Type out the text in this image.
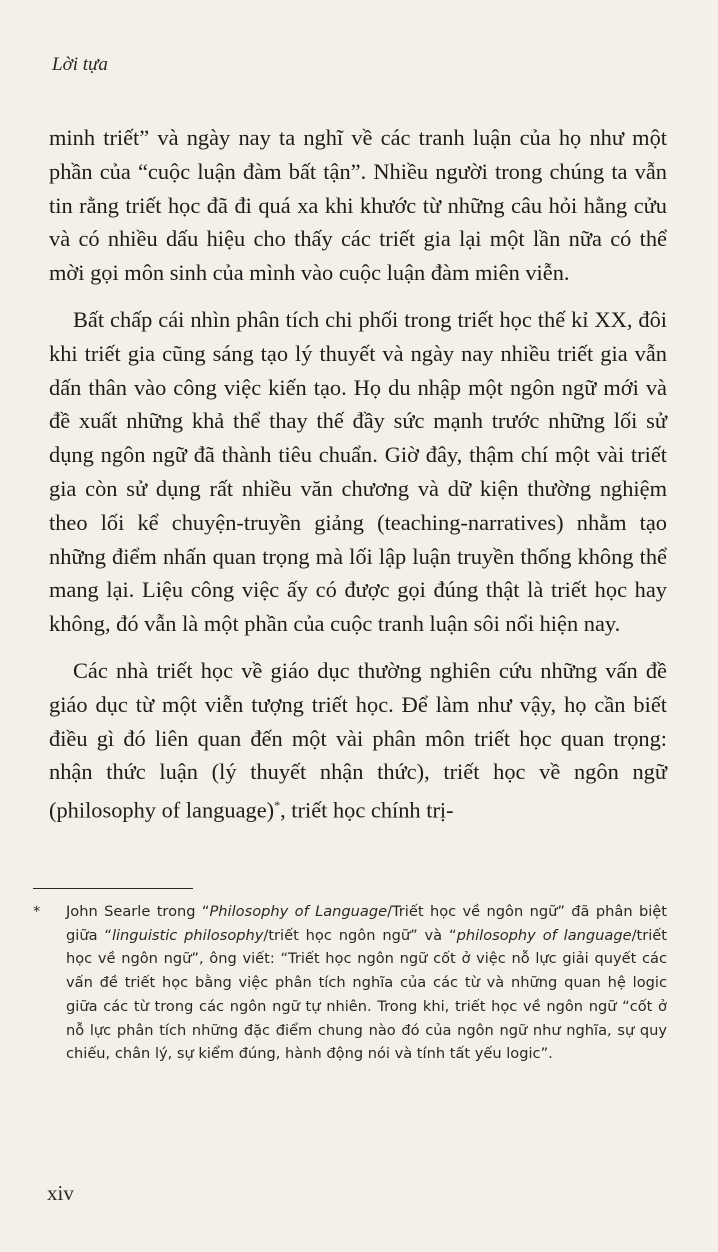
Lời tựa

minh triết” và ngày nay ta nghĩ về các tranh luận của họ như một phần của “cuộc luận đàm bất tận”. Nhiều người trong chúng ta vẫn tin rằng triết học đã đi quá xa khi khước từ những câu hỏi hằng cửu và có nhiều dấu hiệu cho thấy các triết gia lại một lần nữa có thể mời gọi môn sinh của mình vào cuộc luận đàm miên viễn.

Bất chấp cái nhìn phân tích chi phối trong triết học thế kỉ XX, đôi khi triết gia cũng sáng tạo lý thuyết và ngày nay nhiều triết gia vẫn dấn thân vào công việc kiến tạo. Họ du nhập một ngôn ngữ mới và đề xuất những khả thể thay thế đầy sức mạnh trước những lối sử dụng ngôn ngữ đã thành tiêu chuẩn. Giờ đây, thậm chí một vài triết gia còn sử dụng rất nhiều văn chương và dữ kiện thường nghiệm theo lối kể chuyện-truyền giảng (teaching-narratives) nhằm tạo những điểm nhấn quan trọng mà lối lập luận truyền thống không thể mang lại. Liệu công việc ấy có được gọi đúng thật là triết học hay không, đó vẫn là một phần của cuộc tranh luận sôi nổi hiện nay.

Các nhà triết học về giáo dục thường nghiên cứu những vấn đề giáo dục từ một viễn tượng triết học. Để làm như vậy, họ cần biết điều gì đó liên quan đến một vài phân môn triết học quan trọng: nhận thức luận (lý thuyết nhận thức), triết học về ngôn ngữ (philosophy of language)*, triết học chính trị-

*	John Searle trong “Philosophy of Language/Triết học về ngôn ngữ” đã phân biệt giữa “linguistic philosophy/triết học ngôn ngữ” và “philosophy of language/triết học về ngôn ngữ”, ông viết: “Triết học ngôn ngữ cốt ở việc nỗ lực giải quyết các vấn đề triết học bằng việc phân tích nghĩa của các từ và những quan hệ logic giữa các từ trong các ngôn ngữ tự nhiên. Trong khi, triết học về ngôn ngữ “cốt ở nỗ lực phân tích những đặc điểm chung nào đó của ngôn ngữ như nghĩa, sự quy chiếu, chân lý, sự kiểm đúng, hành động nói và tính tất yếu logic”.
xiv
